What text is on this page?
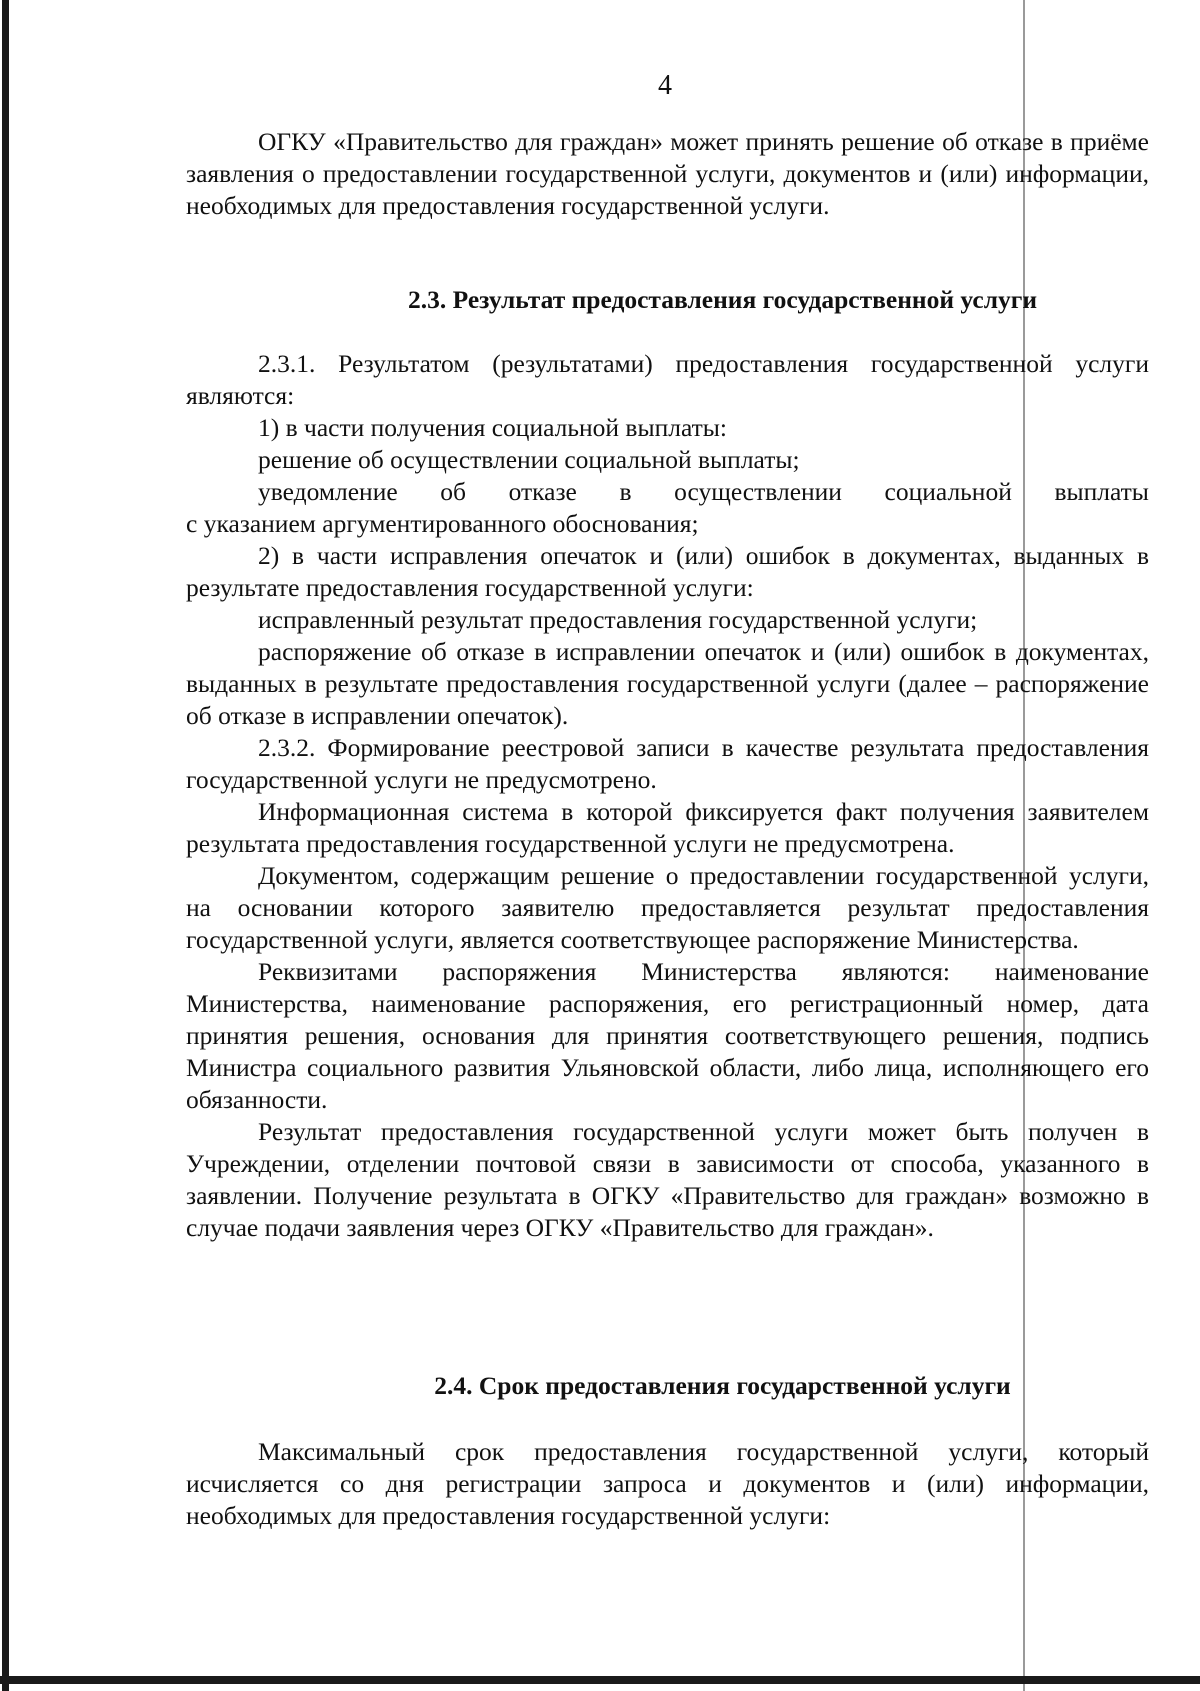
4

ОГКУ «Правительство для граждан» может принять решение об отказе в приёме заявления о предоставлении государственной услуги, документов и (или) информации, необходимых для предоставления государственной услуги.

2.3. Результат предоставления государственной услуги

2.3.1. Результатом (результатами) предоставления государственной услуги являются:

1) в части получения социальной выплаты:

решение об осуществлении социальной выплаты;

уведомление об отказе в осуществлении социальной выплаты

с указанием аргументированного обоснования;

2) в части исправления опечаток и (или) ошибок в документах, выданных в результате предоставления государственной услуги:

исправленный результат предоставления государственной услуги;

распоряжение об отказе в исправлении опечаток и (или) ошибок в документах, выданных в результате предоставления государственной услуги (далее – распоряжение об отказе в исправлении опечаток).

2.3.2. Формирование реестровой записи в качестве результата предоставления государственной услуги не предусмотрено.

Информационная система в которой фиксируется факт получения заявителем результата предоставления государственной услуги не предусмотрена.

Документом, содержащим решение о предоставлении государственной услуги, на основании которого заявителю предоставляется результат предоставления государственной услуги, является соответствующее распоряжение Министерства.

Реквизитами распоряжения Министерства являются: наименование Министерства, наименование распоряжения, его регистрационный номер, дата принятия решения, основания для принятия соответствующего решения, подпись Министра социального развития Ульяновской области, либо лица, исполняющего его обязанности.

Результат предоставления государственной услуги может быть получен в Учреждении, отделении почтовой связи в зависимости от способа, указанного в заявлении. Получение результата в ОГКУ «Правительство для граждан» возможно в случае подачи заявления через ОГКУ «Правительство для граждан».

2.4. Срок предоставления государственной услуги

Максимальный срок предоставления государственной услуги, который исчисляется со дня регистрации запроса и документов и (или) информации, необходимых для предоставления государственной услуги:
